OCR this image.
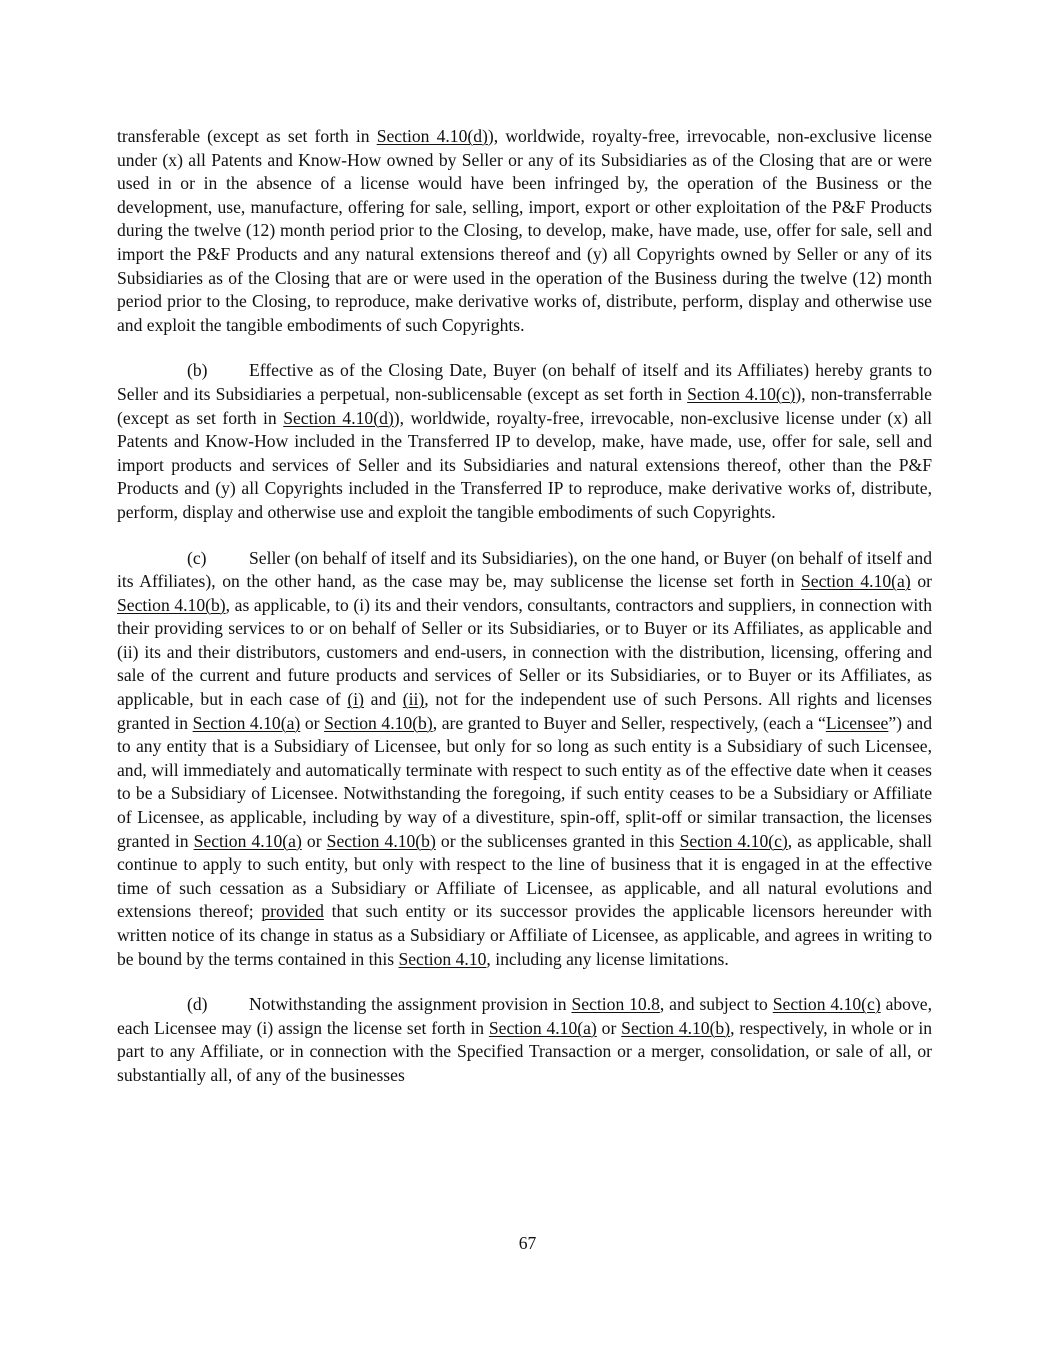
transferable (except as set forth in Section 4.10(d)), worldwide, royalty-free, irrevocable, non-exclusive license under (x) all Patents and Know-How owned by Seller or any of its Subsidiaries as of the Closing that are or were used in or in the absence of a license would have been infringed by, the operation of the Business or the development, use, manufacture, offering for sale, selling, import, export or other exploitation of the P&F Products during the twelve (12) month period prior to the Closing, to develop, make, have made, use, offer for sale, sell and import the P&F Products and any natural extensions thereof and (y) all Copyrights owned by Seller or any of its Subsidiaries as of the Closing that are or were used in the operation of the Business during the twelve (12) month period prior to the Closing, to reproduce, make derivative works of, distribute, perform, display and otherwise use and exploit the tangible embodiments of such Copyrights.

(b) Effective as of the Closing Date, Buyer (on behalf of itself and its Affiliates) hereby grants to Seller and its Subsidiaries a perpetual, non-sublicensable (except as set forth in Section 4.10(c)), non-transferrable (except as set forth in Section 4.10(d)), worldwide, royalty-free, irrevocable, non-exclusive license under (x) all Patents and Know-How included in the Transferred IP to develop, make, have made, use, offer for sale, sell and import products and services of Seller and its Subsidiaries and natural extensions thereof, other than the P&F Products and (y) all Copyrights included in the Transferred IP to reproduce, make derivative works of, distribute, perform, display and otherwise use and exploit the tangible embodiments of such Copyrights.

(c) Seller (on behalf of itself and its Subsidiaries), on the one hand, or Buyer (on behalf of itself and its Affiliates), on the other hand, as the case may be, may sublicense the license set forth in Section 4.10(a) or Section 4.10(b), as applicable, to (i) its and their vendors, consultants, contractors and suppliers, in connection with their providing services to or on behalf of Seller or its Subsidiaries, or to Buyer or its Affiliates, as applicable and (ii) its and their distributors, customers and end-users, in connection with the distribution, licensing, offering and sale of the current and future products and services of Seller or its Subsidiaries, or to Buyer or its Affiliates, as applicable, but in each case of (i) and (ii), not for the independent use of such Persons. All rights and licenses granted in Section 4.10(a) or Section 4.10(b), are granted to Buyer and Seller, respectively, (each a “Licensee”) and to any entity that is a Subsidiary of Licensee, but only for so long as such entity is a Subsidiary of such Licensee, and, will immediately and automatically terminate with respect to such entity as of the effective date when it ceases to be a Subsidiary of Licensee. Notwithstanding the foregoing, if such entity ceases to be a Subsidiary or Affiliate of Licensee, as applicable, including by way of a divestiture, spin-off, split-off or similar transaction, the licenses granted in Section 4.10(a) or Section 4.10(b) or the sublicenses granted in this Section 4.10(c), as applicable, shall continue to apply to such entity, but only with respect to the line of business that it is engaged in at the effective time of such cessation as a Subsidiary or Affiliate of Licensee, as applicable, and all natural evolutions and extensions thereof; provided that such entity or its successor provides the applicable licensors hereunder with written notice of its change in status as a Subsidiary or Affiliate of Licensee, as applicable, and agrees in writing to be bound by the terms contained in this Section 4.10, including any license limitations.

(d) Notwithstanding the assignment provision in Section 10.8, and subject to Section 4.10(c) above, each Licensee may (i) assign the license set forth in Section 4.10(a) or Section 4.10(b), respectively, in whole or in part to any Affiliate, or in connection with the Specified Transaction or a merger, consolidation, or sale of all, or substantially all, of any of the businesses

67
